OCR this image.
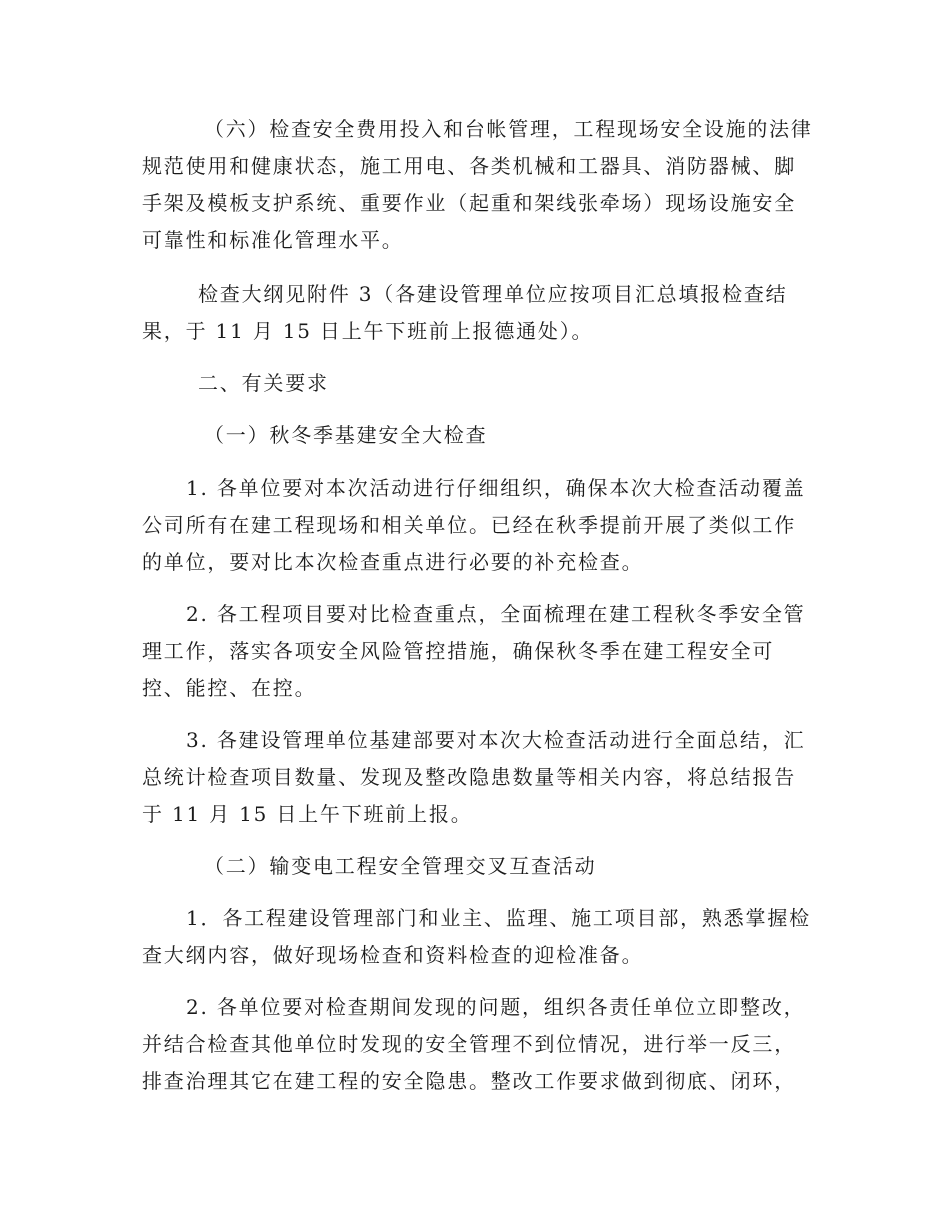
（六）检查安全费用投入和台帐管理，工程现场安全设施的法律
规范使用和健康状态，施工用电、各类机械和工器具、消防器械、脚
手架及模板支护系统、重要作业（起重和架线张牵场）现场设施安全
可靠性和标准化管理水平。
检查大纲见附件 3（各建设管理单位应按项目汇总填报检查结
果，于 11 月 15 日上午下班前上报德通处）。
二、有关要求
（一）秋冬季基建安全大检查
1. 各单位要对本次活动进行仔细组织，确保本次大检查活动覆盖
公司所有在建工程现场和相关单位。已经在秋季提前开展了类似工作
的单位，要对比本次检查重点进行必要的补充检查。
2. 各工程项目要对比检查重点，全面梳理在建工程秋冬季安全管
理工作，落实各项安全风险管控措施，确保秋冬季在建工程安全可
控、能控、在控。
3. 各建设管理单位基建部要对本次大检查活动进行全面总结，汇
总统计检查项目数量、发现及整改隐患数量等相关内容，将总结报告
于 11 月 15 日上午下班前上报。
（二）输变电工程安全管理交叉互查活动
1．各工程建设管理部门和业主、监理、施工项目部，熟悉掌握检
查大纲内容，做好现场检查和资料检查的迎检准备。
2. 各单位要对检查期间发现的问题，组织各责任单位立即整改，
并结合检查其他单位时发现的安全管理不到位情况，进行举一反三，
排查治理其它在建工程的安全隐患。整改工作要求做到彻底、闭环，
